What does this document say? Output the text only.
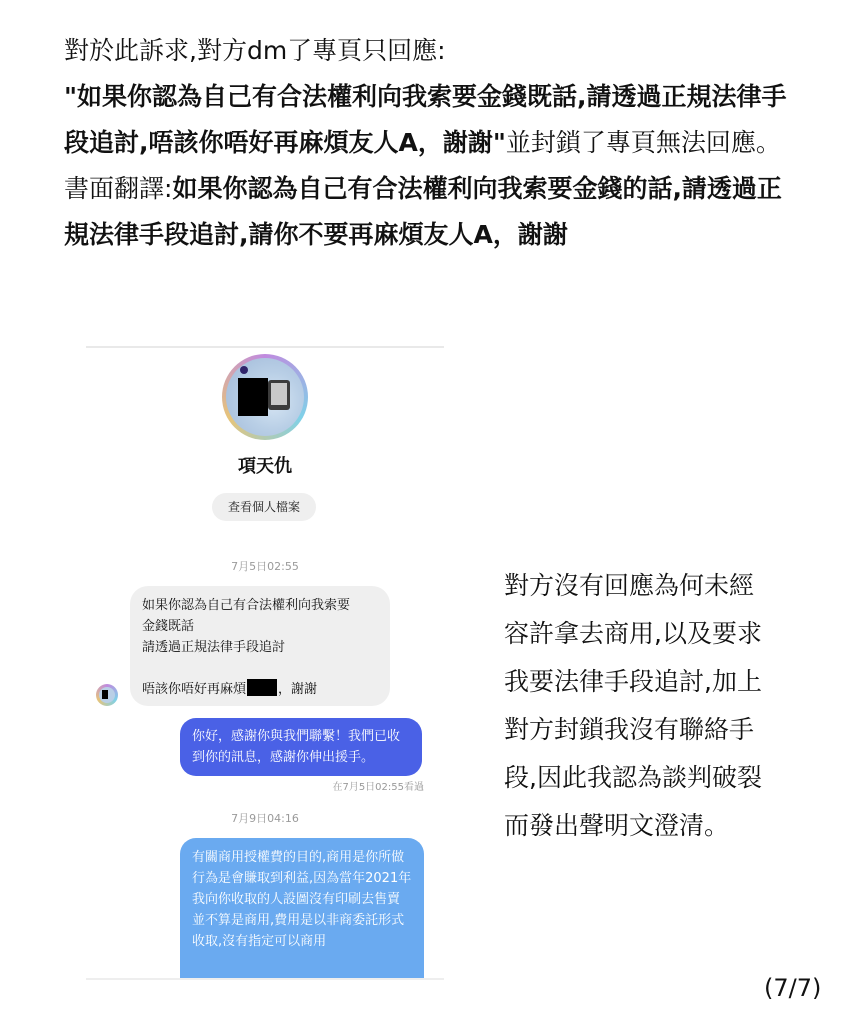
對於此訴求,對方dm了專頁只回應:

"如果你認為自己有合法權利向我索要金錢既話,請透過正規法律手段追討,唔該你唔好再麻煩友人A，謝謝"並封鎖了專頁無法回應。

書面翻譯:如果你認為自己有合法權利向我索要金錢的話,請透過正規法律手段追討,請你不要再麻煩友人A，謝謝

項天仇
查看個人檔案
7月5日02:55
如果你認為自己有合法權利向我索要
金錢既話
請透過正規法律手段追討
唔該你唔好再麻煩 ，謝謝
你好，感謝你與我們聯繫！我們已收到你的訊息，感謝你伸出援手。
在7月5日02:55看過
7月9日04:16
有關商用授權費的目的,商用是你所做行為是會賺取到利益,因為當年2021年我向你收取的人設圖沒有印刷去售賣並不算是商用,費用是以非商委託形式收取,沒有指定可以商用
對方沒有回應為何未經
容許拿去商用,以及要求
我要法律手段追討,加上
對方封鎖我沒有聯絡手
段,因此我認為談判破裂
而發出聲明文澄清。
(7/7)
